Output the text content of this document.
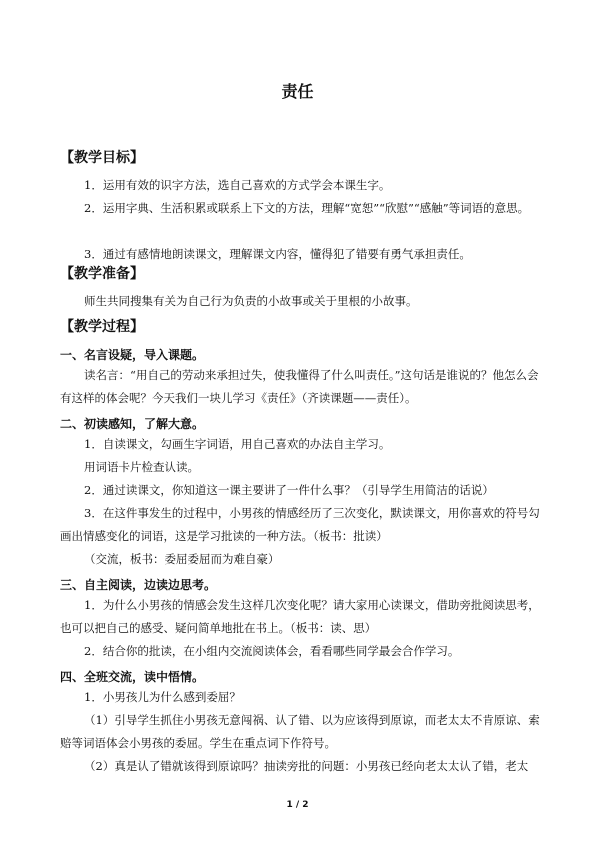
责任
【教学目标】

1．运用有效的识字方法，选自己喜欢的方式学会本课生字。

2．运用字典、生活积累或联系上下文的方法，理解“宽恕”“欣慰”“感触”等词语的意思。

3．通过有感情地朗读课文，理解课文内容，懂得犯了错要有勇气承担责任。

【教学准备】

师生共同搜集有关为自己行为负责的小故事或关于里根的小故事。

【教学过程】
一、名言设疑，导入课题。

读名言：“用自己的劳动来承担过失，使我懂得了什么叫责任。”这句话是谁说的？他怎么会有这样的体会呢？今天我们一块儿学习《责任》（齐读课题——责任）。

二、初读感知，了解大意。

1．自读课文，勾画生字词语，用自己喜欢的办法自主学习。

用词语卡片检查认读。

2．通过读课文，你知道这一课主要讲了一件什么事？（引导学生用简洁的话说）

3．在这件事发生的过程中，小男孩的情感经历了三次变化，默读课文，用你喜欢的符号勾画出情感变化的词语，这是学习批读的一种方法。（板书：批读）

（交流，板书：委屈委屈而为难自豪）

三、自主阅读，边读边思考。

1．为什么小男孩的情感会发生这样几次变化呢？请大家用心读课文，借助旁批阅读思考，也可以把自己的感受、疑问简单地批在书上。（板书：读、思）

2．结合你的批读，在小组内交流阅读体会，看看哪些同学最会合作学习。

四、全班交流，读中悟情。

1．小男孩儿为什么感到委屈？

（1）引导学生抓住小男孩无意闯祸、认了错、以为应该得到原谅，而老太太不肯原谅、索赔等词语体会小男孩的委屈。学生在重点词下作符号。

（2）真是认了错就该得到原谅吗？抽读旁批的问题：小男孩已经向老太太认了错，老太

1 / 2
